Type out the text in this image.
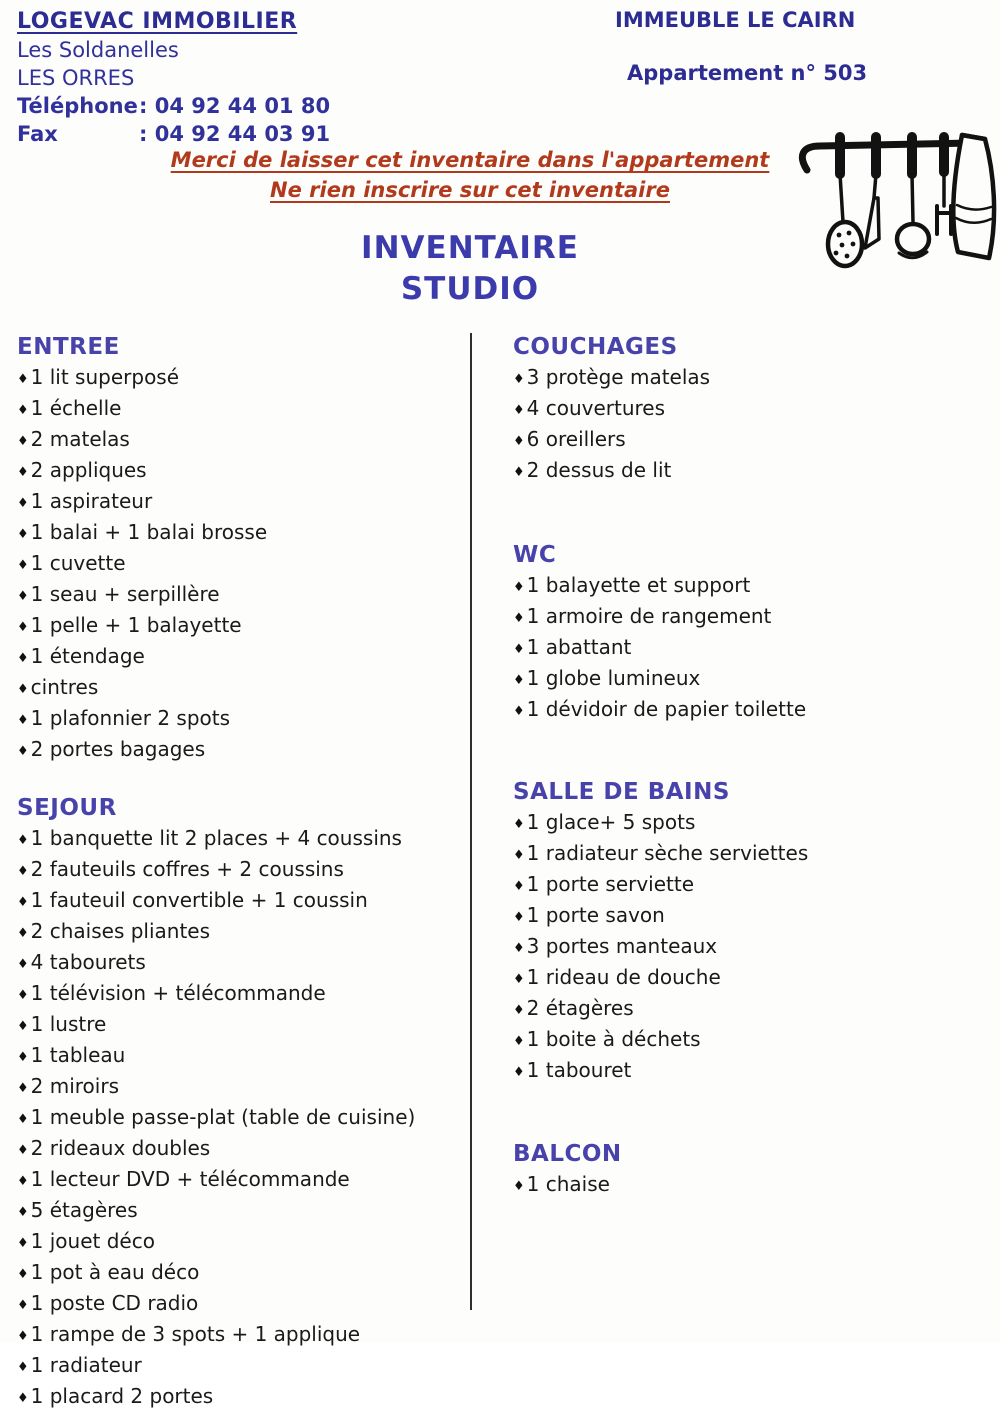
LOGEVAC IMMOBILIER
Les Soldanelles
LES ORRES
Téléphone: 04 92 44 01 80
Fax	: 04 92 44 03 91
IMMEUBLE LE CAIRN
Appartement n° 503
Merci de laisser cet inventaire dans l'appartement
Ne rien inscrire sur cet inventaire
INVENTAIRE
STUDIO
ENTREE
♦ 1 lit superposé
♦ 1 échelle
♦ 2 matelas
♦ 2 appliques
♦ 1 aspirateur
♦ 1 balai + 1 balai brosse
♦ 1 cuvette
♦ 1 seau + serpillère
♦ 1 pelle + 1 balayette
♦ 1 étendage
♦ cintres
♦ 1 plafonnier 2 spots
♦ 2 portes bagages
SEJOUR
♦ 1 banquette lit 2 places + 4 coussins
♦ 2 fauteuils coffres + 2 coussins
♦ 1 fauteuil convertible + 1 coussin
♦ 2 chaises pliantes
♦ 4 tabourets
♦ 1 télévision + télécommande
♦ 1 lustre
♦ 1 tableau
♦ 2 miroirs
♦ 1 meuble passe-plat (table de cuisine)
♦ 2 rideaux doubles
♦ 1 lecteur DVD + télécommande
♦ 5 étagères
♦ 1 jouet déco
♦ 1 pot à eau déco
♦ 1 poste CD radio
♦ 1 rampe de 3 spots + 1 applique
♦ 1 radiateur
♦ 1 placard 2 portes
COUCHAGES
♦ 3 protège matelas
♦ 4 couvertures
♦ 6 oreillers
♦ 2 dessus de lit
WC
♦ 1 balayette et support
♦ 1 armoire de rangement
♦ 1 abattant
♦ 1 globe lumineux
♦ 1 dévidoir de papier toilette
SALLE DE BAINS
♦ 1 glace+ 5 spots
♦ 1 radiateur sèche serviettes
♦ 1 porte serviette
♦ 1 porte savon
♦ 3 portes manteaux
♦ 1 rideau de douche
♦ 2 étagères
♦ 1 boite à déchets
♦ 1 tabouret
BALCON
♦ 1 chaise
